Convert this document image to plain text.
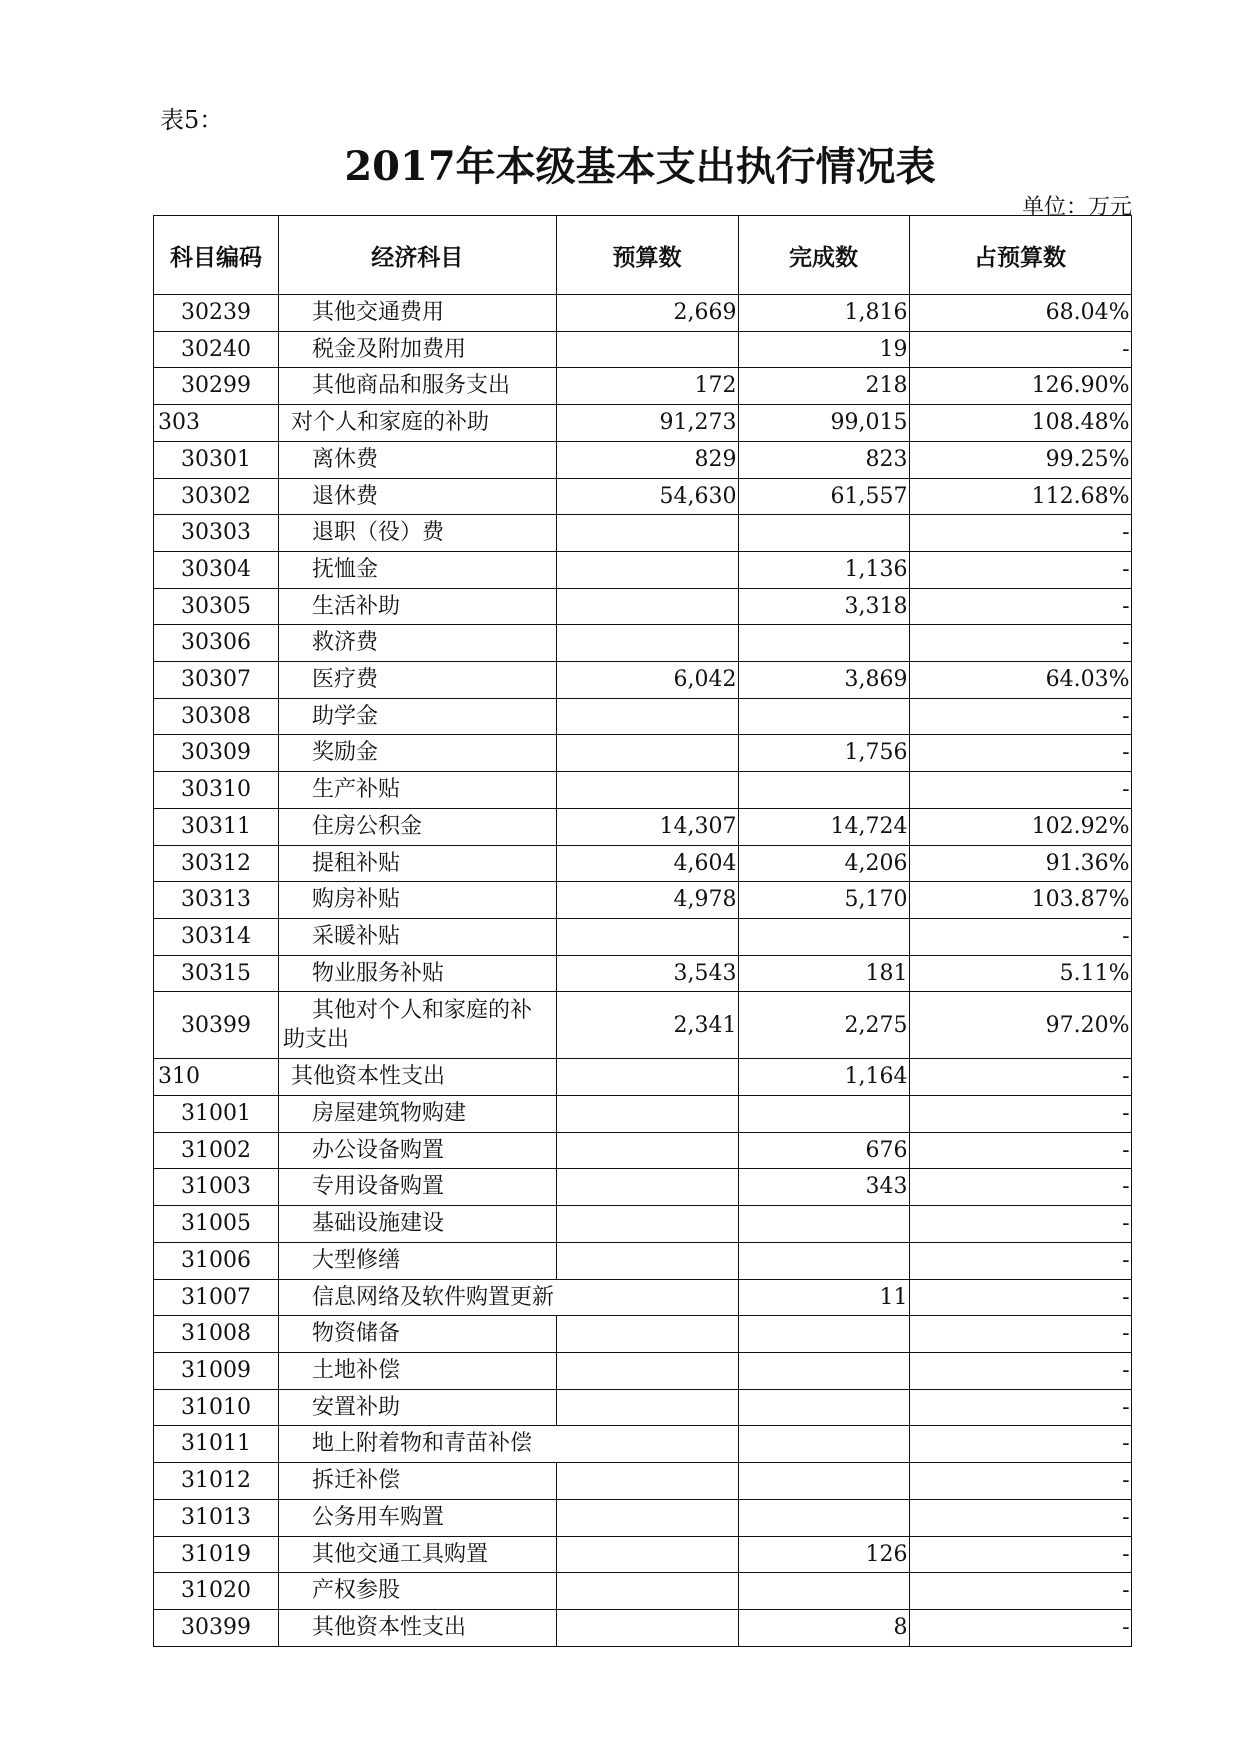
表5：
2017年本级基本支出执行情况表
单位：万元
科目编码	经济科目	预算数	完成数	占预算数
30239	其他交通费用	2,669	1,816	68.04%
30240	税金及附加费用		19	-
30299	其他商品和服务支出	172	218	126.90%
303	对个人和家庭的补助	91,273	99,015	108.48%
30301	离休费	829	823	99.25%
30302	退休费	54,630	61,557	112.68%
30303	退职（役）费			-
30304	抚恤金		1,136	-
30305	生活补助		3,318	-
30306	救济费			-
30307	医疗费	6,042	3,869	64.03%
30308	助学金			-
30309	奖励金		1,756	-
30310	生产补贴			-
30311	住房公积金	14,307	14,724	102.92%
30312	提租补贴	4,604	4,206	91.36%
30313	购房补贴	4,978	5,170	103.87%
30314	采暖补贴			-
30315	物业服务补贴	3,543	181	5.11%
30399	其他对个人和家庭的补助支出	2,341	2,275	97.20%
310	其他资本性支出		1,164	-
31001	房屋建筑物购建			-
31002	办公设备购置		676	-
31003	专用设备购置		343	-
31005	基础设施建设			-
31006	大型修缮			-
31007	信息网络及软件购置更新		11	-
31008	物资储备			-
31009	土地补偿			-
31010	安置补助			-
31011	地上附着物和青苗补偿			-
31012	拆迁补偿			-
31013	公务用车购置			-
31019	其他交通工具购置		126	-
31020	产权参股			-
30399	其他资本性支出		8	-
